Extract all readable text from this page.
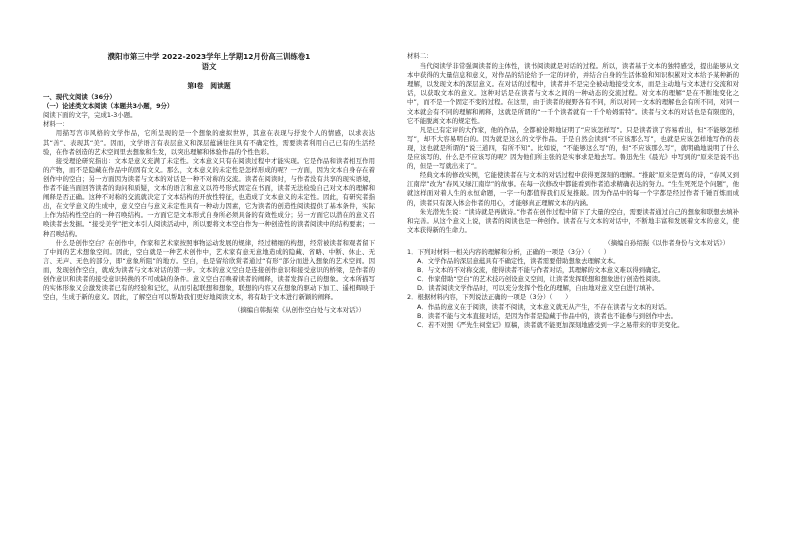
濮阳市第三中学 2022-2023学年上学期12月份高三训练卷1
语文
第Ⅰ卷　阅读题
一、现代文阅读（36分）
（一）论述类文本阅读（本题共3小题，9分）
阅读下面的文字，完成1-3小题。
材料一：
用描写宫市风格的文学作品，它所呈现的是一个想象的虚拟世界，其意在表现与抒发个人的情感，以求表达其“善”、表现其“美”。因而，文学语言有表层意义和深层蕴涵往往具有不确定性，需要读者利用自己已有的生活经验，在作者创造的艺术空间里去想象和生发，以突出理解和体验作品的个性色彩。
接受理论研究指出：文本是意义充满了未定性。文本意义只有在阅读过程中才能实现。它是作品和读者相互作用的产物，而不是隐藏在作品中的固有文义。那么，文本意义的未定性是怎样形成的呢？一方面，因为文本自身存在着创作中的空白；另一方面因为读者与文本的对话是一种不对称的交流。读者在阅读时，与作者没有共享的现实语境，作者不能当面回答读者的询问和质疑，文本的语言和意义以符号形式固定在书面，读者无法检验自己对文本的理解和阐释是否正确。这种不对称的交流就决定了文本结构的开放性特征，也造成了文本意义的未定性。因此，有研究者指出，在文学意义的生成中，意义空白与意义未定性具有一种动力因素，它为读者的创造性阅读提供了基本条件，实际上作为结构性空白的一种召唤结构。一方面它是文本形式自身所必须具备的有效性成分；另一方面它以潜在的意义召唤读者去发掘。“接受美学”把文本引人阅读活动中，所以要将文本空白作为一种创造性的读者阅读中的结构要素；一种召唤结构。
什么是创作空白？在创作中，作家和艺术家按照事物运动发展的规律，经过精细的构想，经常被读者和观者留下了中间的艺术想象空间。因此，空白就是一种艺术创作中，艺术家有意无意地造成的隐藏、省略、中断、休止、无言、无声、无色的部分，即“意象所阻”的地方。空白，也是留给欣赏者通过“有形”部分而进入想象的艺术空间。因而，发现创作空白，就成为读者与文本对话的第一步。文本的意义空白是连接创作意识和接受意识的桥梁，是作者的创作意识和读者的接受意识转换的不可或缺的条件。意义空白召唤着读者的阐释，读者发挥自己的想象。文本所描写的实体形象又会激发读者已有的经验和记忆，从而引起联想和想象，联想的内容又在想象的驱动下加工、遥相辉映于空白，生成于新的意义。因此，了解空白可以帮助我们更好地阅读文本，将有助于文本进行新颖的阐释。
（摘编自韩振荣《从创作空白处与文本对话》）
材料二：
当代阅读学非常强调读者的主体性，读书阅读就是对话的过程。所以，读者基于文本的独特感受，提出能够从文本中获得的大量信息和意义，对作品的结论给予一定的评价，并结合自身的生活体验和知识积累对文本给予某种新的理解，以发现文本的深层意义。在对话的过程中，读者并不是完全被动地接受文本，而是主动地与文本进行交流和对话，以获取文本的意义。这种对话是在读者与文本之间的一种动态的交流过程。对文本的理解“是在不断地变化之中”，而不是一个固定不变的过程。在这里，由于读者的视野各有不同，所以对同一文本的理解也会有所不同，对同一文本就会有不同的理解和阐释，这就是所谓的“一千个读者就有一千个哈姆雷特”。读者与文本的对话也是有限度的，它不能脱离文本的规定性。
凡是已有定评的大作家，他的作品，全都被论辩地证明了“应该怎样写”。只是读者读了容易看出，但“不能够怎样写”，却不大容易明白的。因为就是这么的文学作品。于是自然会读到“不应该那么写”，也就是应该怎样地写作的表现，这也就是所谓的“说三道四，有所不知”。比如说，“不能够这么写”的，但“不应该那么写”，就明确地说明了什么是应该写的、什么是不应该写的呢？因为他们所主张的是实事求是地去写。鲁迅先生《晨光》中写到的“原来是说不出的，但是一写就出来了”。
经典文本的修改实例，它能使读者在与文本的对话过程中获得更深刻的理解。“推敲”原来是贾岛的诗，“春风又到江南岸”改为“春风又绿江南岸”的故事。在每一次修改中都能看到作者追求精确表达的努力。“生生死死是个问题”，他就这样面对着人生的永恒命题，一字一句都值得我们反复推敲。因为作品中的每一个字都是经过作者千锤百炼而成的，读者只有深入体会作者的用心，才能够真正理解文本的内涵。
朱光潜先生说：“读诗就是再做诗。”作者在创作过程中留下了大量的空白，需要读者通过自己的想象和联想去填补和完善。从这个意义上说，读者的阅读也是一种创作。读者在与文本的对话中，不断地丰富和发展着文本的意义，使文本获得新的生命力。
（摘编自孙绍振《以作者身份与文本对话》）
1．下列对材料一相关内容的理解和分析，正确的一项是（3分）（　　）
A．文学作品的深层意蕴具有不确定性，读者需要借助想象去理解文本。
B．与文本的不对称交流，使得读者不能与作者对话，其理解的文本意义难以得到确定。
C．作家借助“空白”的艺术技巧创设意义空间，让读者发挥联想和想象进行创造性阅读。
D．读者阅读文学作品时，可以充分发挥个性化的理解，自由地对意义空白进行填补。
2．根据材料内容，下列说法正确的一项是（3分）（　　）
A．作品的意义在于阅读，读者不阅读，文本意义就无从产生，不存在读者与文本的对话。
B．读者不能与文本直接对话，是因为作者是隐藏于作品中的，读者也不能参与到创作中去。
C．若不对照《严先生祠堂记》原稿，读者就不能更加深刻地感受到一字之易带来的审美变化。
